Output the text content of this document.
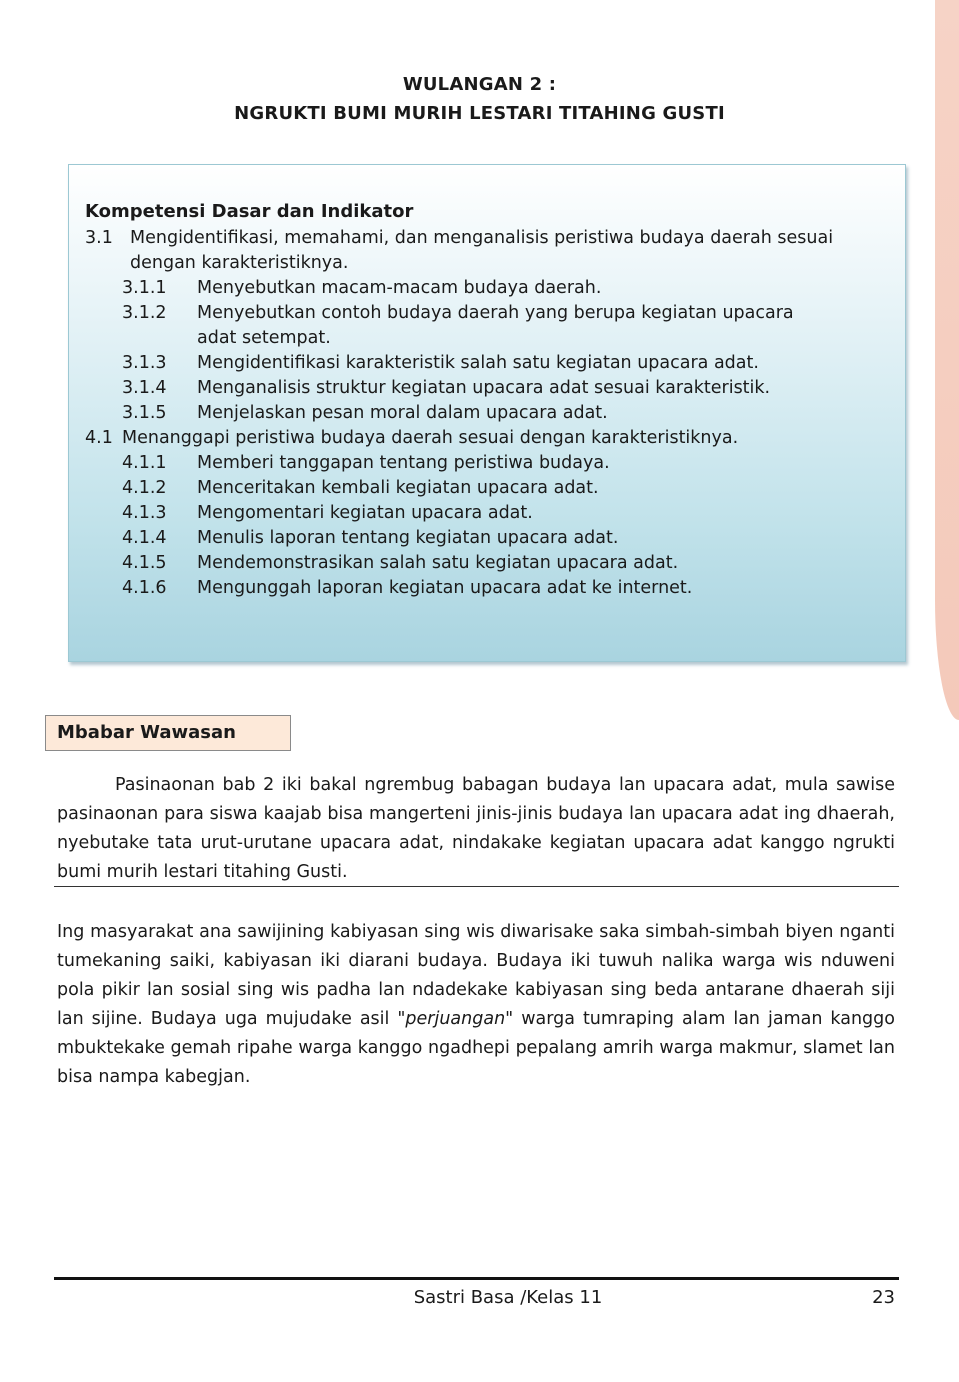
WULANGAN 2 :
NGRUKTI BUMI MURIH LESTARI TITAHING GUSTI
Kompetensi Dasar dan Indikator
3.1 Mengidentifikasi, memahami, dan menganalisis peristiwa budaya daerah sesuai
dengan karakteristiknya.
3.1.1 Menyebutkan macam-macam budaya daerah.
3.1.2 Menyebutkan contoh budaya daerah yang berupa kegiatan upacara
adat setempat.
3.1.3 Mengidentifikasi karakteristik salah satu kegiatan upacara adat.
3.1.4 Menganalisis struktur kegiatan upacara adat sesuai karakteristik.
3.1.5 Menjelaskan pesan moral dalam upacara adat.
4.1 Menanggapi peristiwa budaya daerah sesuai dengan karakteristiknya.
4.1.1 Memberi tanggapan tentang peristiwa budaya.
4.1.2 Menceritakan kembali kegiatan upacara adat.
4.1.3 Mengomentari kegiatan upacara adat.
4.1.4 Menulis laporan tentang kegiatan upacara adat.
4.1.5 Mendemonstrasikan salah satu kegiatan upacara adat.
4.1.6 Mengunggah laporan kegiatan upacara adat ke internet.
Mbabar Wawasan
Pasinaonan bab 2 iki bakal ngrembug babagan budaya lan upacara adat, mula sawise pasinaonan para siswa kaajab bisa mangerteni jinis-jinis budaya lan upacara adat ing dhaerah, nyebutake tata urut-urutane upacara adat, nindakake kegiatan upacara adat kanggo ngrukti bumi murih lestari titahing Gusti.
Ing masyarakat ana sawijining kabiyasan sing wis diwarisake saka simbah-simbah biyen nganti tumekaning saiki, kabiyasan iki diarani budaya. Budaya iki tuwuh nalika warga wis nduweni pola pikir lan sosial sing wis padha lan ndadekake kabiyasan sing beda antarane dhaerah siji lan sijine. Budaya uga mujudake asil "perjuangan" warga tumraping alam lan jaman kanggo mbuktekake gemah ripahe warga kanggo ngadhepi pepalang amrih warga makmur, slamet lan bisa nampa kabegjan.
Sastri Basa /Kelas 11	23
